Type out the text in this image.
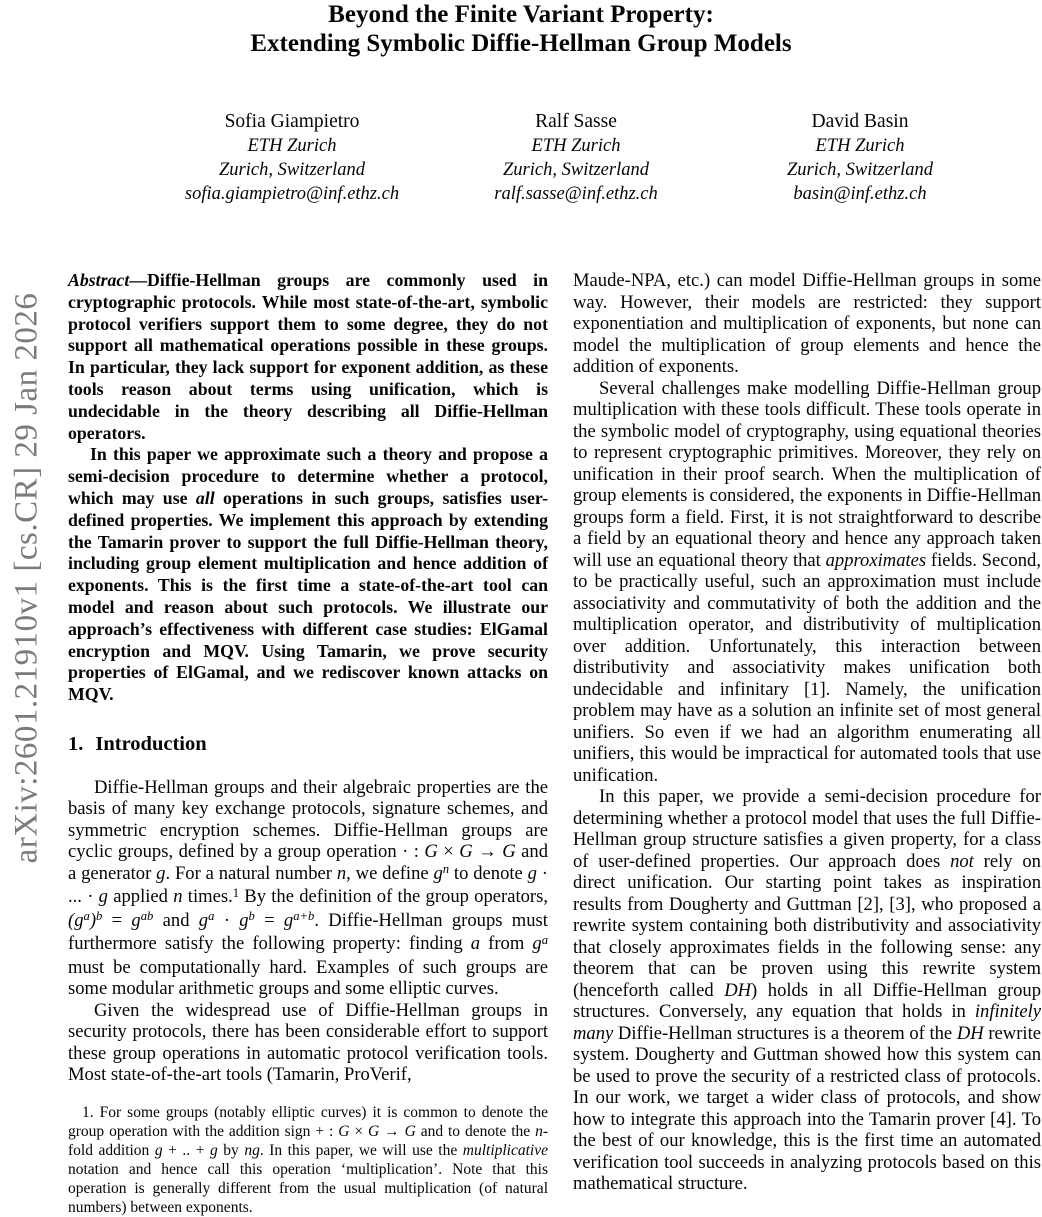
arXiv:2601.21910v1 [cs.CR] 29 Jan 2026
Beyond the Finite Variant Property:
Extending Symbolic Diffie-Hellman Group Models
Sofia Giampietro
ETH Zurich
Zurich, Switzerland
sofia.giampietro@inf.ethz.ch
Ralf Sasse
ETH Zurich
Zurich, Switzerland
ralf.sasse@inf.ethz.ch
David Basin
ETH Zurich
Zurich, Switzerland
basin@inf.ethz.ch

Abstract—Diffie-Hellman groups are commonly used in cryptographic protocols. While most state-of-the-art, symbolic protocol verifiers support them to some degree, they do not support all mathematical operations possible in these groups. In particular, they lack support for exponent addition, as these tools reason about terms using unification, which is undecidable in the theory describing all Diffie-Hellman operators.

In this paper we approximate such a theory and propose a semi-decision procedure to determine whether a protocol, which may use all operations in such groups, satisfies user-defined properties. We implement this approach by extending the Tamarin prover to support the full Diffie-Hellman theory, including group element multiplication and hence addition of exponents. This is the first time a state-of-the-art tool can model and reason about such protocols. We illustrate our approach’s effectiveness with different case studies: ElGamal encryption and MQV. Using Tamarin, we prove security properties of ElGamal, and we rediscover known attacks on MQV.

1. Introduction

Diffie-Hellman groups and their algebraic properties are the basis of many key exchange protocols, signature schemes, and symmetric encryption schemes. Diffie-Hellman groups are cyclic groups, defined by a group operation · : G × G → G and a generator g. For a natural number n, we define $g^n$ to denote g · ... · g applied n times.$^1$ By the definition of the group operators, $(g^a)^b = g^{ab}$ and $g^a \cdot g^b = g^{a+b}$. Diffie-Hellman groups must furthermore satisfy the following property: finding a from $g^a$ must be computationally hard. Examples of such groups are some modular arithmetic groups and some elliptic curves.

Given the widespread use of Diffie-Hellman groups in security protocols, there has been considerable effort to support these group operations in automatic protocol verification tools. Most state-of-the-art tools (Tamarin, ProVerif,

1. For some groups (notably elliptic curves) it is common to denote the group operation with the addition sign + : G × G → G and to denote the n-fold addition g + .. + g by ng. In this paper, we will use the multiplicative notation and hence call this operation ‘multiplication’. Note that this operation is generally different from the usual multiplication (of natural numbers) between exponents.

Maude-NPA, etc.) can model Diffie-Hellman groups in some way. However, their models are restricted: they support exponentiation and multiplication of exponents, but none can model the multiplication of group elements and hence the addition of exponents.

Several challenges make modelling Diffie-Hellman group multiplication with these tools difficult. These tools operate in the symbolic model of cryptography, using equational theories to represent cryptographic primitives. Moreover, they rely on unification in their proof search. When the multiplication of group elements is considered, the exponents in Diffie-Hellman groups form a field. First, it is not straightforward to describe a field by an equational theory and hence any approach taken will use an equational theory that approximates fields. Second, to be practically useful, such an approximation must include associativity and commutativity of both the addition and the multiplication operator, and distributivity of multiplication over addition. Unfortunately, this interaction between distributivity and associativity makes unification both undecidable and infinitary [1]. Namely, the unification problem may have as a solution an infinite set of most general unifiers. So even if we had an algorithm enumerating all unifiers, this would be impractical for automated tools that use unification.

In this paper, we provide a semi-decision procedure for determining whether a protocol model that uses the full Diffie-Hellman group structure satisfies a given property, for a class of user-defined properties. Our approach does not rely on direct unification. Our starting point takes as inspiration results from Dougherty and Guttman [2], [3], who proposed a rewrite system containing both distributivity and associativity that closely approximates fields in the following sense: any theorem that can be proven using this rewrite system (henceforth called DH) holds in all Diffie-Hellman group structures. Conversely, any equation that holds in infinitely many Diffie-Hellman structures is a theorem of the DH rewrite system. Dougherty and Guttman showed how this system can be used to prove the security of a restricted class of protocols. In our work, we target a wider class of protocols, and show how to integrate this approach into the Tamarin prover [4]. To the best of our knowledge, this is the first time an automated verification tool succeeds in analyzing protocols based on this mathematical structure.
